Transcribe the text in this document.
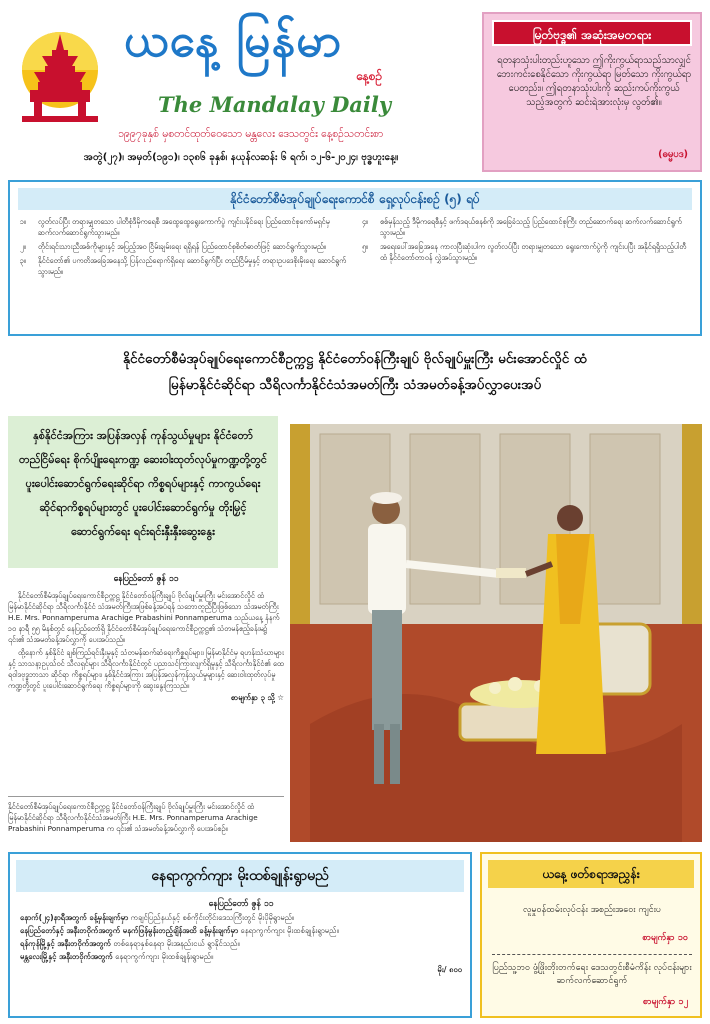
ယနေ့ မြန်မာ
နေ့စဉ်
The Mandalay Daily
၁၉၉၇ခုနှစ် မှစတင်ထုတ်ဝေသော မန္တလေး ဒေသတွင်း နေ့စဉ်သတင်းစာ
အတွဲ(၂၇)၊ အမှတ်(၁၉၁)၊ ၁၃၈၆ ခုနှစ်၊ နယုန်လဆန်း ၆ ရက်၊ ၁၂-၆-၂၀၂၄၊ ဗုဒ္ဓဟူးနေ့။
မြတ်ဗုဒ္ဓ၏ အဆုံးအမတရား
ရတနာသုံးပါးတည်းဟူသော ဤကိုးကွယ်ရာသည်သာလျှင် ဘေးကင်းစေနိုင်သော ကိုးကွယ်ရာ မြတ်သော ကိုးကွယ်ရာပေတည်း။ ဤရတနာသုံးပါးကို ဆည်းကပ်ကိုးကွယ်သည့်အတွက် ဆင်းရဲအားလုံးမှ လွတ်၏။
(ဓမ္မပဒ)
နိုင်ငံတော်စီမံအုပ်ချုပ်ရေးကောင်စီ ရှေ့လုပ်ငန်းစဉ် (၅) ရပ်
၁။	လွတ်လပ်ပြီး တရားမျှတသော ပါတီစုံဒီမိုကရေစီ အထွေထွေရွေးကောက်ပွဲ ကျင်းပနိုင်ရေး ပြည်ထောင်စုကော်မရှင်မှ ဆက်လက်ဆောင်ရွက်သွားမည်။
၂။	တိုင်းရင်းသားညီအစ်ကိုများနှင့် အပြည့်အဝ ငြိမ်းချမ်းရေး ရရှိရန် ပြည်ထောင်စုစိတ်ဓာတ်ဖြင့် ဆောင်ရွက်သွားမည်။
၃။	နိုင်ငံတော်၏ ပကတိအခြေအနေသို့ ပြန်လည်ရောက်ရှိရေး ဆောင်ရွက်ပြီး တည်ငြိမ်မှုနှင့် တရားဥပဒေစိုးမိုးရေး ဆောင်ရွက်သွားမည်။
၄။	စစ်မှန်သည့် ဒီမိုကရေစီနှင့် ဖက်ဒရယ်စနစ်ကို အခြေခံသည့် ပြည်ထောင်စုကြီး တည်ဆောက်ရေး ဆက်လက်ဆောင်ရွက်သွားမည်။
၅။	အရေးပေါ်အခြေအနေ ကာလပြီးဆုံးပါက လွတ်လပ်ပြီး တရားမျှတသော ရွေးကောက်ပွဲကို ကျင်းပပြီး အနိုင်ရရှိသည့်ပါတီထံ နိုင်ငံတော်တာဝန် လွှဲအပ်သွားမည်။
နိုင်ငံတော်စီမံအုပ်ချုပ်ရေးကောင်စီဥက္ကဋ္ဌ နိုင်ငံတော်ဝန်ကြီးချုပ် ဗိုလ်ချုပ်မှူးကြီး မင်းအောင်လှိုင် ထံ
မြန်မာနိုင်ငံဆိုင်ရာ သီရိလင်္ကာနိုင်ငံသံအမတ်ကြီး သံအမတ်ခန့်အပ်လွှာပေးအပ်
နှစ်နိုင်ငံအကြား အပြန်အလှန် ကုန်သွယ်မှုများ နိုင်ငံတော်တည်ငြိမ်ရေး စိုက်ပျိုးရေးကဏ္ဍ ဆေးဝါးထုတ်လုပ်မှုကဏ္ဍတို့တွင် ပူးပေါင်းဆောင်ရွက်ရေးဆိုင်ရာ ကိစ္စရပ်များနှင့် ကာကွယ်ရေးဆိုင်ရာကိစ္စရပ်များတွင် ပူးပေါင်းဆောင်ရွက်မှု တိုးမြှင့်ဆောင်ရွက်ရေး ရင်းရင်းနှီးနှီးဆွေးနွေး
နေပြည်တော် ဇွန် ၁၁

နိုင်ငံတော်စီမံအုပ်ချုပ်ရေးကောင်စီဥက္ကဋ္ဌ နိုင်ငံတော်ဝန်ကြီးချုပ် ဗိုလ်ချုပ်မှူးကြီး မင်းအောင်လှိုင် ထံ မြန်မာနိုင်ငံဆိုင်ရာ သီရိလင်္ကာနိုင်ငံ သံအမတ်ကြီးအဖြစ်ခန့်အပ်ရန် သဘောတူညီပြီးဖြစ်သော သံအမတ်ကြီး H.E. Mrs. Ponnamperuma Arachige Prabashini Ponnamperuma သည်ယနေ့ နံနက် ၁၀ နာရီ ၅၅ မိနစ်တွင် နေပြည်တော်ရှိ နိုင်ငံတော်စီမံအုပ်ချုပ်ရေးကောင်စီဥက္ကဋ္ဌ၏ သံတမန်ဧည့်ခန်းမ၌ ၎င်း၏ သံအမတ်ခန့်အပ်လွှာကို ပေးအပ်သည်။

ထို့နောက် နှစ်နိုင်ငံ ချစ်ကြည်ရင်းနှီးမှုနှင့် သံတမန်ဆက်ဆံရေးကိစ္စရပ်များ၊ မြန်မာနိုင်ငံမှ ရဟန်းသံဃာများနှင့် သာသနာ့ဥပုသ်ဝင် သီလရှင်များ သီရိလင်္ကာနိုင်ငံတွင် ပညာသင်ကြားလျက်ရှိမှုနှင့် သီရိလင်္ကာနိုင်ငံ၏ ထေရဝါဒဗုဒ္ဓဘာသာ ဆိုင်ရာ ကိစ္စရပ်များ၊ နှစ်နိုင်ငံအကြား အပြန်အလှန်ကုန်သွယ်မှုများနှင့် ဆေးဝါးထုတ်လုပ်မှုကဏ္ဍတို့တွင် ပူးပေါင်းဆောင်ရွက်ရေး ကိစ္စရပ်များကို ဆွေးနွေးကြသည်။

စာမျက်နှာ ၃ သို့ ☆
နိုင်ငံတော်စီမံအုပ်ချုပ်ရေးကောင်စီဥက္ကဋ္ဌ နိုင်ငံတော်ဝန်ကြီးချုပ် ဗိုလ်ချုပ်မှူးကြီး မင်းအောင်လှိုင် ထံ မြန်မာနိုင်ငံဆိုင်ရာ သီရိလင်္ကာနိုင်ငံသံအမတ်ကြီး H.E. Mrs. Ponnamperuma Arachige Prabashini Ponnamperuma က ၎င်း၏ သံအမတ်ခန့်အပ်လွှာကို ပေးအပ်စဉ်။
နေရာကွက်ကျား မိုးထစ်ချုန်းရွာမည်
နေပြည်တော် ဇွန် ၁၁
နောက်(၂၄)နာရီအတွက် ခန့်မှန်းချက်မှာ ကချင်ပြည်နယ်နှင့် စစ်ကိုင်းတိုင်းဒေသကြီးတွင် မိုးပိုမိုရွာမည်။
နေပြည်တော်နှင့် အနီးတဝိုက်အတွက် မနက်ဖြန်မွန်းတည့်ချိန်အထိ ခန့်မှန်းချက်မှာ နေရာကွက်ကျား မိုးထစ်ချုန်းရွာမည်။
ရန်ကုန်မြို့နှင့် အနီးတဝိုက်အတွက် တစ်နေရာနှစ်နေရာ မိုးအနည်းငယ် ရွာနိုင်သည်။
မန္တလေးမြို့နှင့် အနီးတဝိုက်အတွက် နေရာကွက်ကျား မိုးထစ်ချုန်းရွာမည်။
မိုး/ ၈၀၀
ယနေ့ ဖတ်စရာအညွှန်း
လူမှုဝန်ထမ်းလုပ်ငန်း အစည်းအဝေး ကျင်းပ
စာမျက်နှာ ၁၀
ပြည်သူ့ဘဝ ဖွံ့ဖြိုးတိုးတက်ရေး ဒေသတွင်းစီမံကိန်း လုပ်ငန်းများ ဆက်လက်ဆောင်ရွက်
စာမျက်နှာ ၁၂
